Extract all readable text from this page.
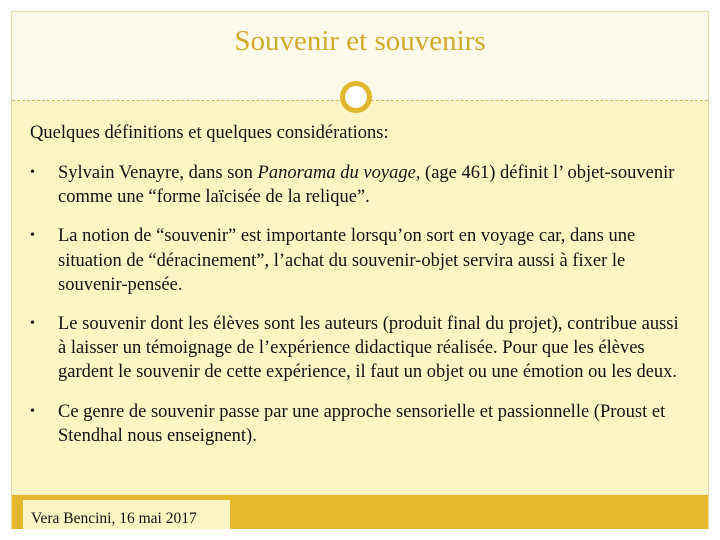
Souvenir et souvenirs

Quelques définitions et quelques considérations:

• Sylvain Venayre, dans son Panorama du voyage, (age 461) définit l’ objet-souvenir comme une “forme laïcisée de la relique”.
• La notion de “souvenir” est importante lorsqu’on sort en voyage car, dans une situation de “déracinement”, l’achat du souvenir-objet servira aussi à fixer le souvenir-pensée.
• Le souvenir dont les élèves sont les auteurs (produit final du projet), contribue aussi à laisser un témoignage de l’expérience didactique réalisée. Pour que les élèves gardent le souvenir de cette expérience, il faut un objet ou une émotion ou les deux.
• Ce genre de souvenir passe par une approche sensorielle et passionnelle (Proust et Stendhal nous enseignent).
Vera Bencini, 16 mai 2017
